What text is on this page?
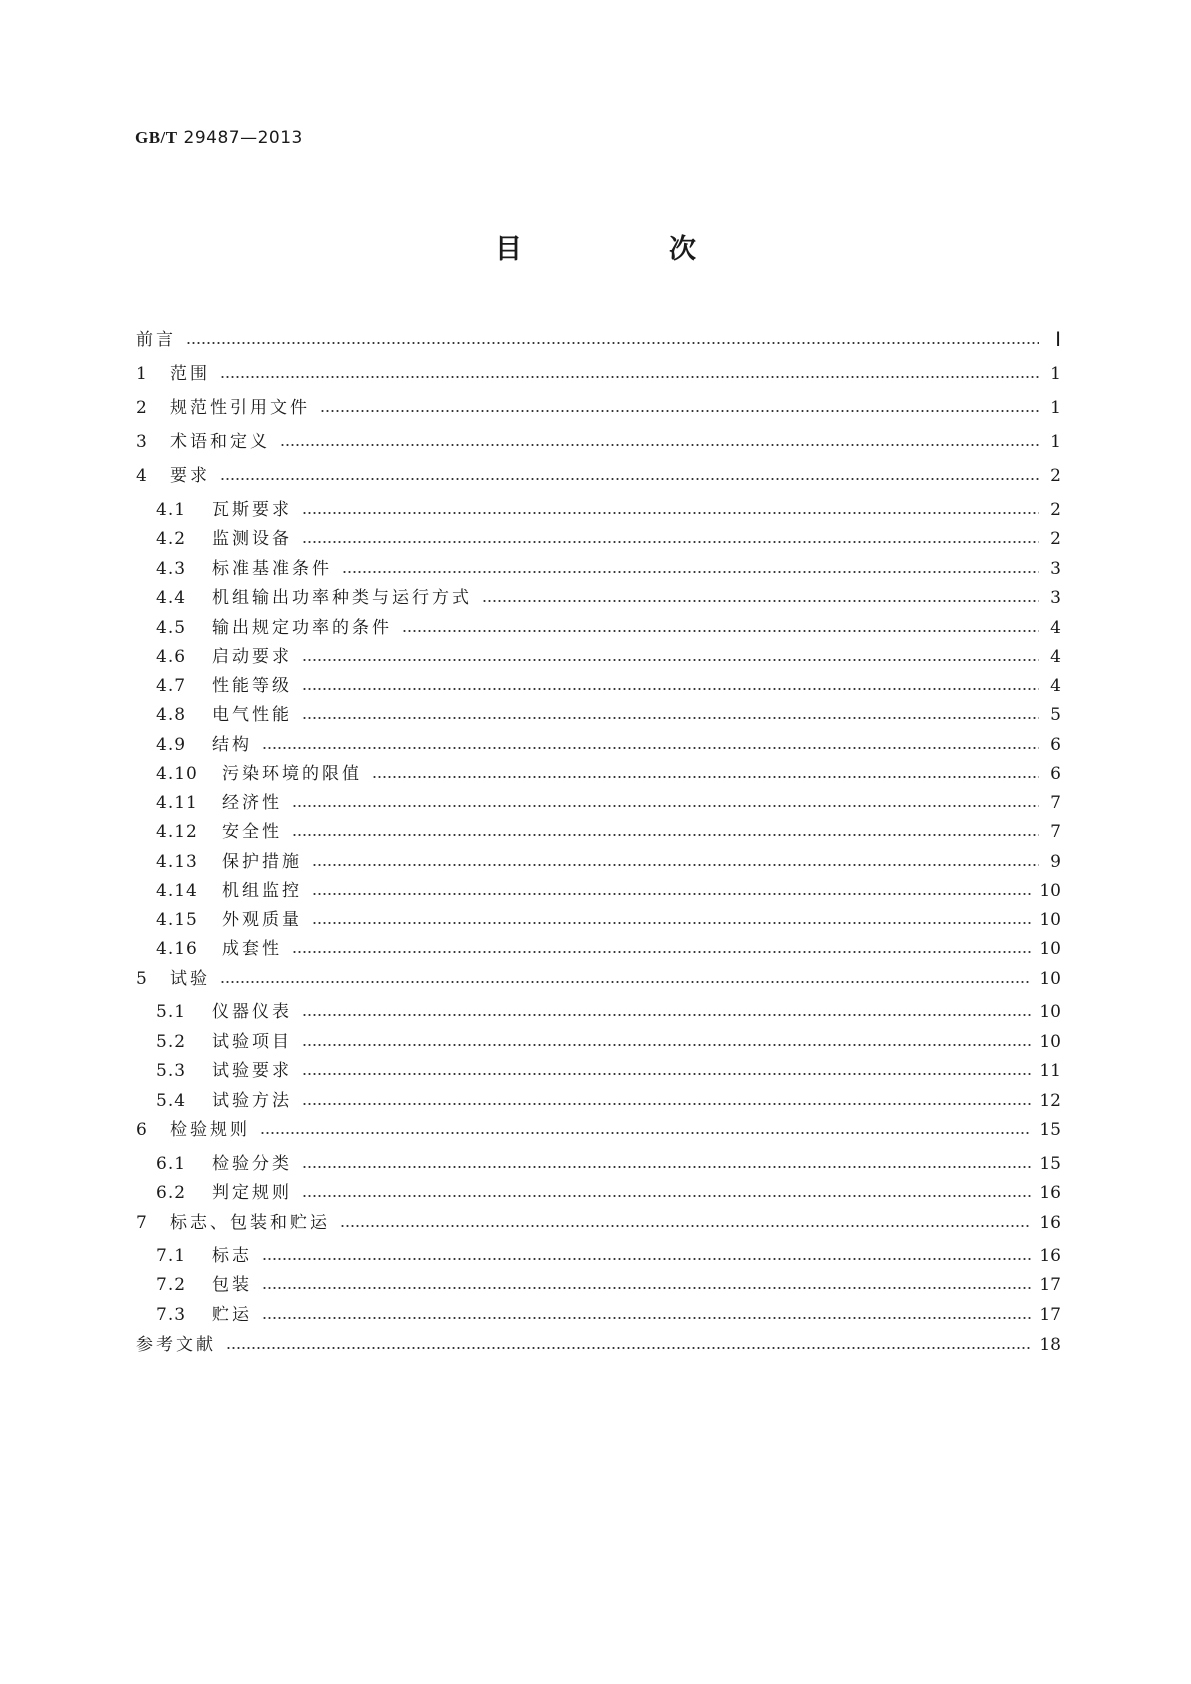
GB/T 29487—2013
目　次
前言	Ⅰ
1	范围	1
2	规范性引用文件	1
3	术语和定义	1
4	要求	2
4.1	瓦斯要求	2
4.2	监测设备	2
4.3	标准基准条件	3
4.4	机组输出功率种类与运行方式	3
4.5	输出规定功率的条件	4
4.6	启动要求	4
4.7	性能等级	4
4.8	电气性能	5
4.9	结构	6
4.10	污染环境的限值	6
4.11	经济性	7
4.12	安全性	7
4.13	保护措施	9
4.14	机组监控	10
4.15	外观质量	10
4.16	成套性	10
5	试验	10
5.1	仪器仪表	10
5.2	试验项目	10
5.3	试验要求	11
5.4	试验方法	12
6	检验规则	15
6.1	检验分类	15
6.2	判定规则	16
7	标志、包装和贮运	16
7.1	标志	16
7.2	包装	17
7.3	贮运	17
参考文献	18
